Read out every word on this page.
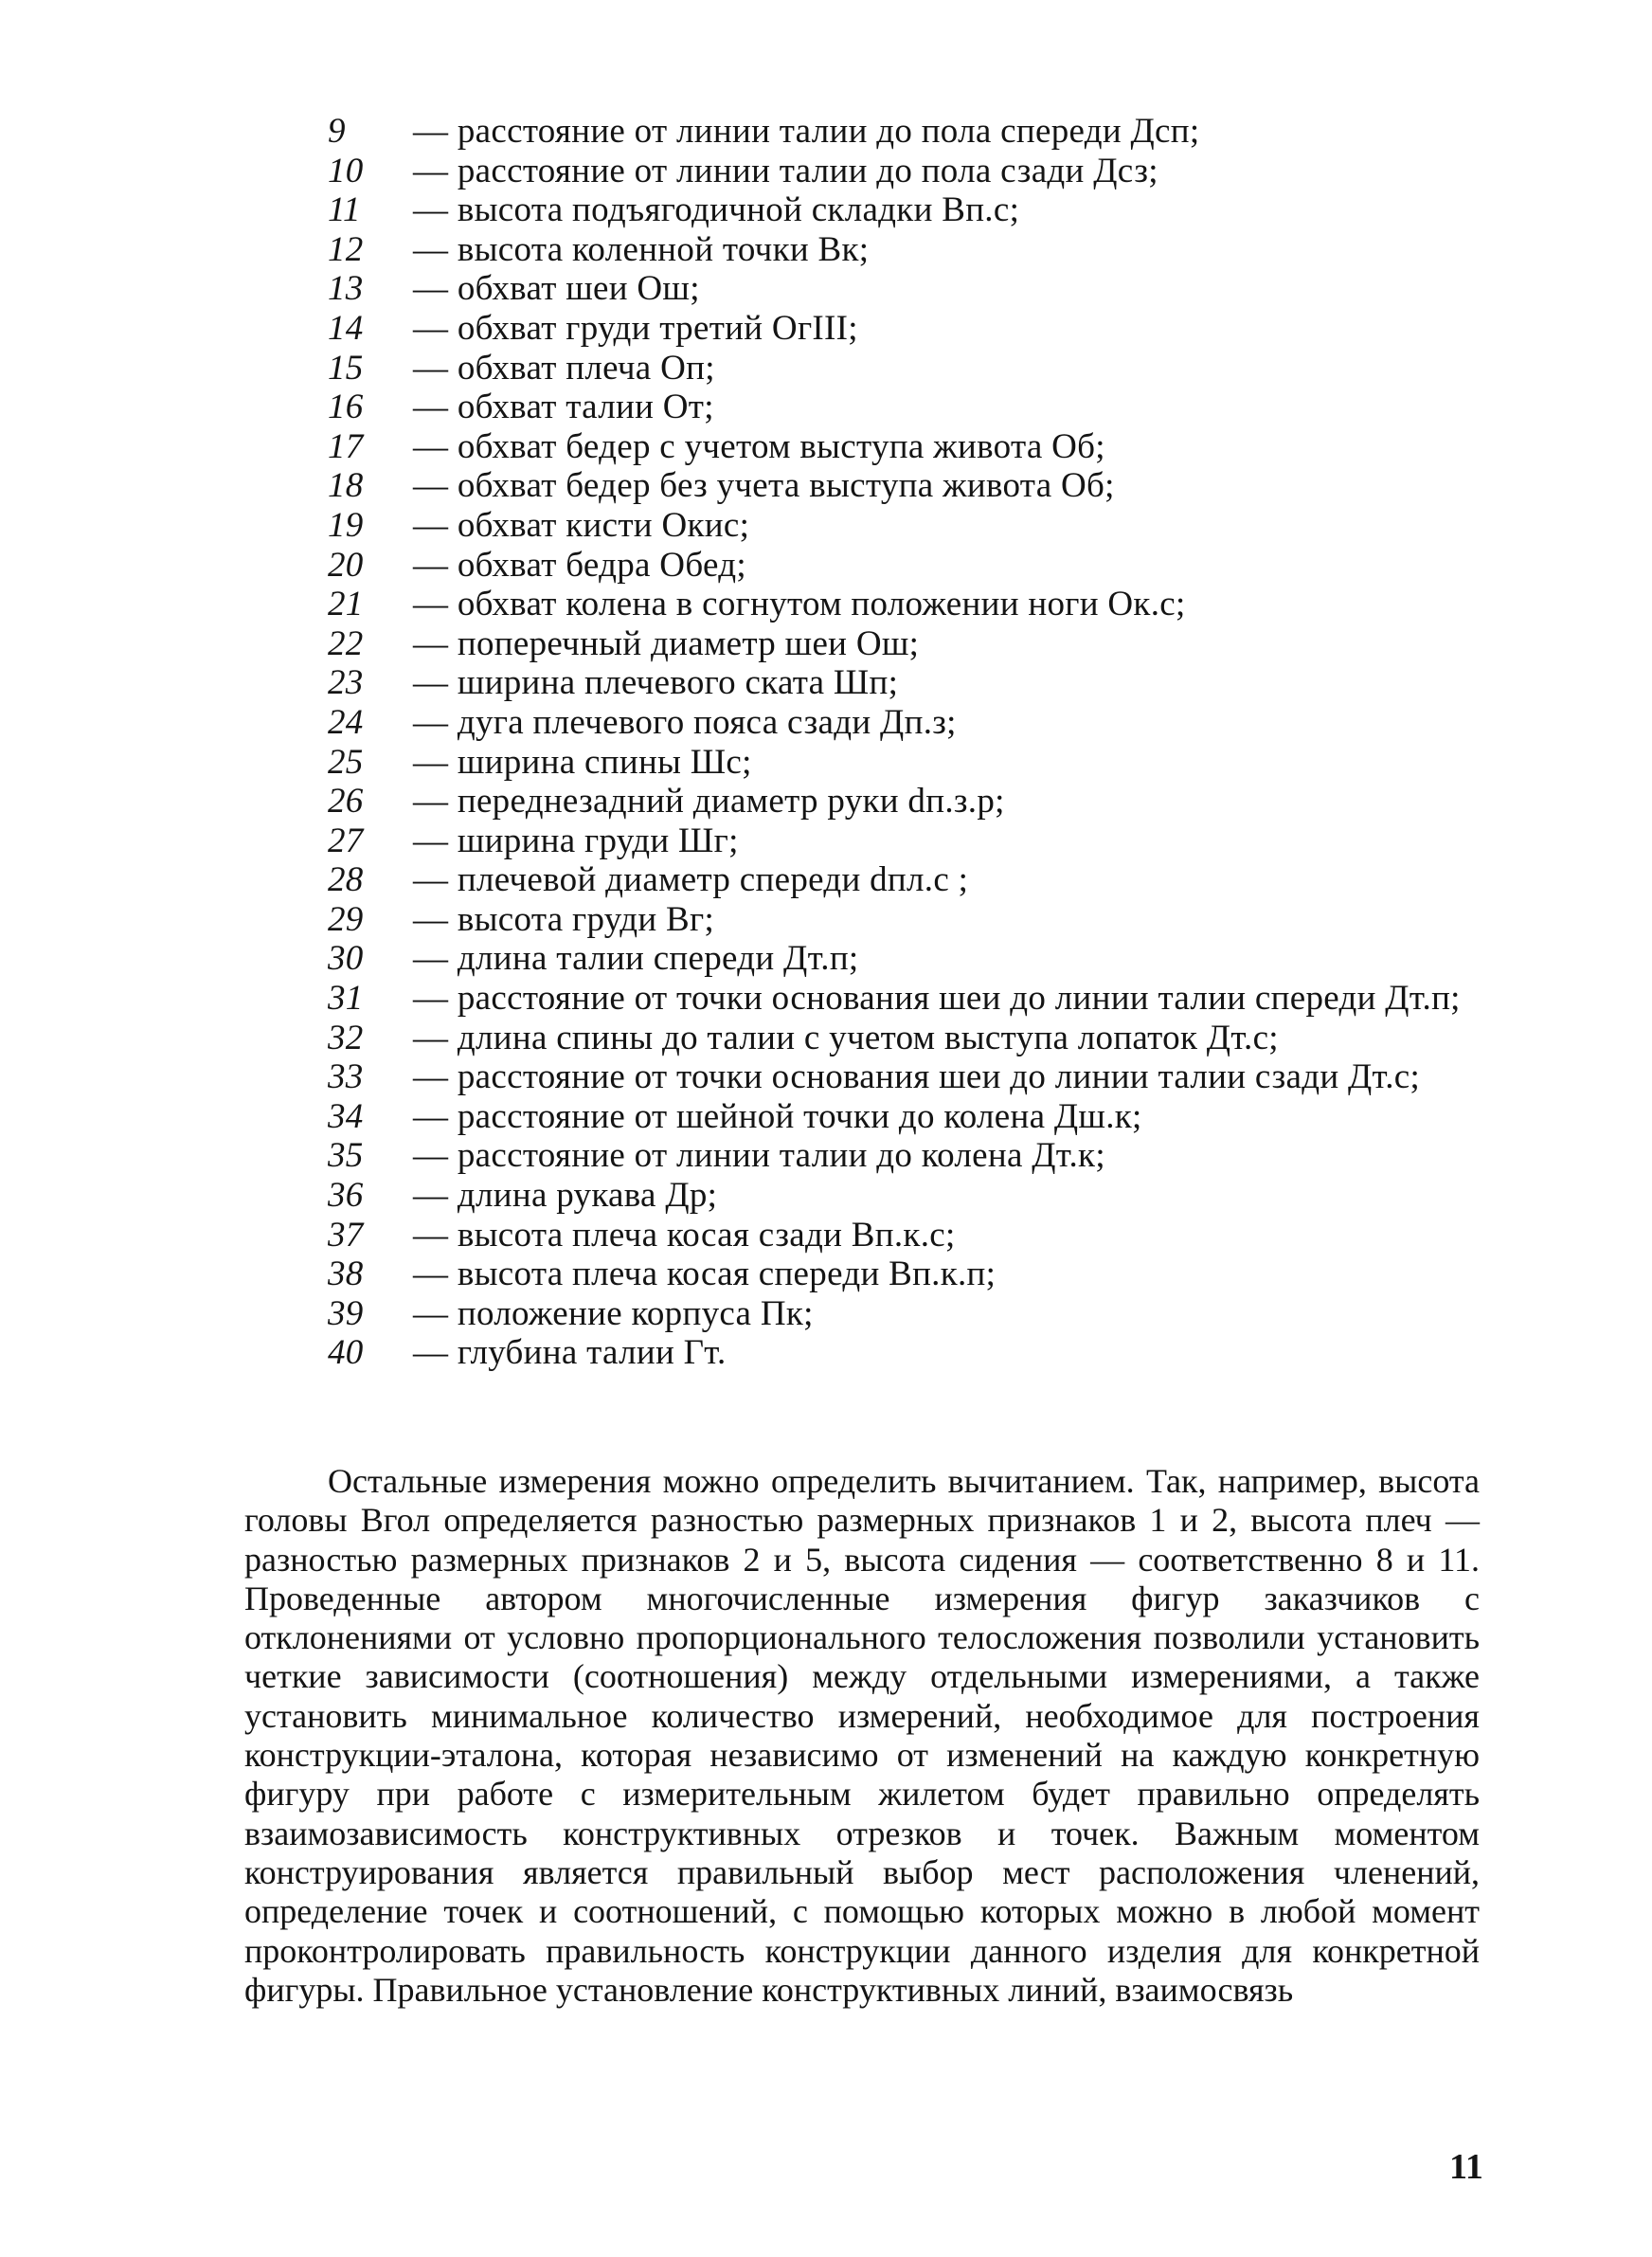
9	— расстояние от линии талии до пола спереди Дсп;
10	— расстояние от линии талии до пола сзади Дсз;
11	— высота подъягодичной складки Вп.с;
12	— высота коленной точки Вк;
13	— обхват шеи Ош;
14	— обхват груди третий ОгIII;
15	— обхват плеча Оп;
16	— обхват талии От;
17	— обхват бедер с учетом выступа живота Об;
18	— обхват бедер без учета выступа живота Об;
19	— обхват кисти Окис;
20	— обхват бедра Обед;
21	— обхват колена в согнутом положении ноги Ок.с;
22	— поперечный диаметр шеи Ош;
23	— ширина плечевого ската Шп;
24	— дуга плечевого пояса сзади Дп.з;
25	— ширина спины Шс;
26	— переднезадний диаметр руки dп.з.р;
27	— ширина груди Шг;
28	— плечевой диаметр спереди dпл.с ;
29	— высота груди Вг;
30	— длина талии спереди Дт.п;
31	— расстояние от точки основания шеи до линии талии спереди Дт.п;
32	— длина спины до талии с учетом выступа лопаток Дт.с;
33	— расстояние от точки основания шеи до линии талии сзади Дт.с;
34	— расстояние от шейной точки до колена Дш.к;
35	— расстояние от линии талии до колена Дт.к;
36	— длина рукава Др;
37	— высота плеча косая сзади Вп.к.с;
38	— высота плеча косая спереди Вп.к.п;
39	— положение корпуса Пк;
40	— глубина талии Гт.

Остальные измерения можно определить вычитанием. Так, например, высота головы Вгол определяется разностью размерных признаков 1 и 2, высота плеч — разностью размерных признаков 2 и 5, высота сидения — соответственно 8 и 11. Проведенные автором многочисленные измерения фигур заказчиков с отклонениями от условно пропорционального телосложения позволили установить четкие зависимости (соотношения) между отдельными измерениями, а также установить минимальное количество измерений, необходимое для построения конструкции-эталона, которая независимо от изменений на каждую конкретную фигуру при работе с измерительным жилетом будет правильно определять взаимозависимость конструктивных отрезков и точек. Важным моментом конструирования является правильный выбор мест расположения членений, определение точек и соотношений, с помощью которых можно в любой момент проконтролировать правильность конструкции данного изделия для конкретной фигуры. Правильное установление конструктивных линий, взаимосвязь

11
